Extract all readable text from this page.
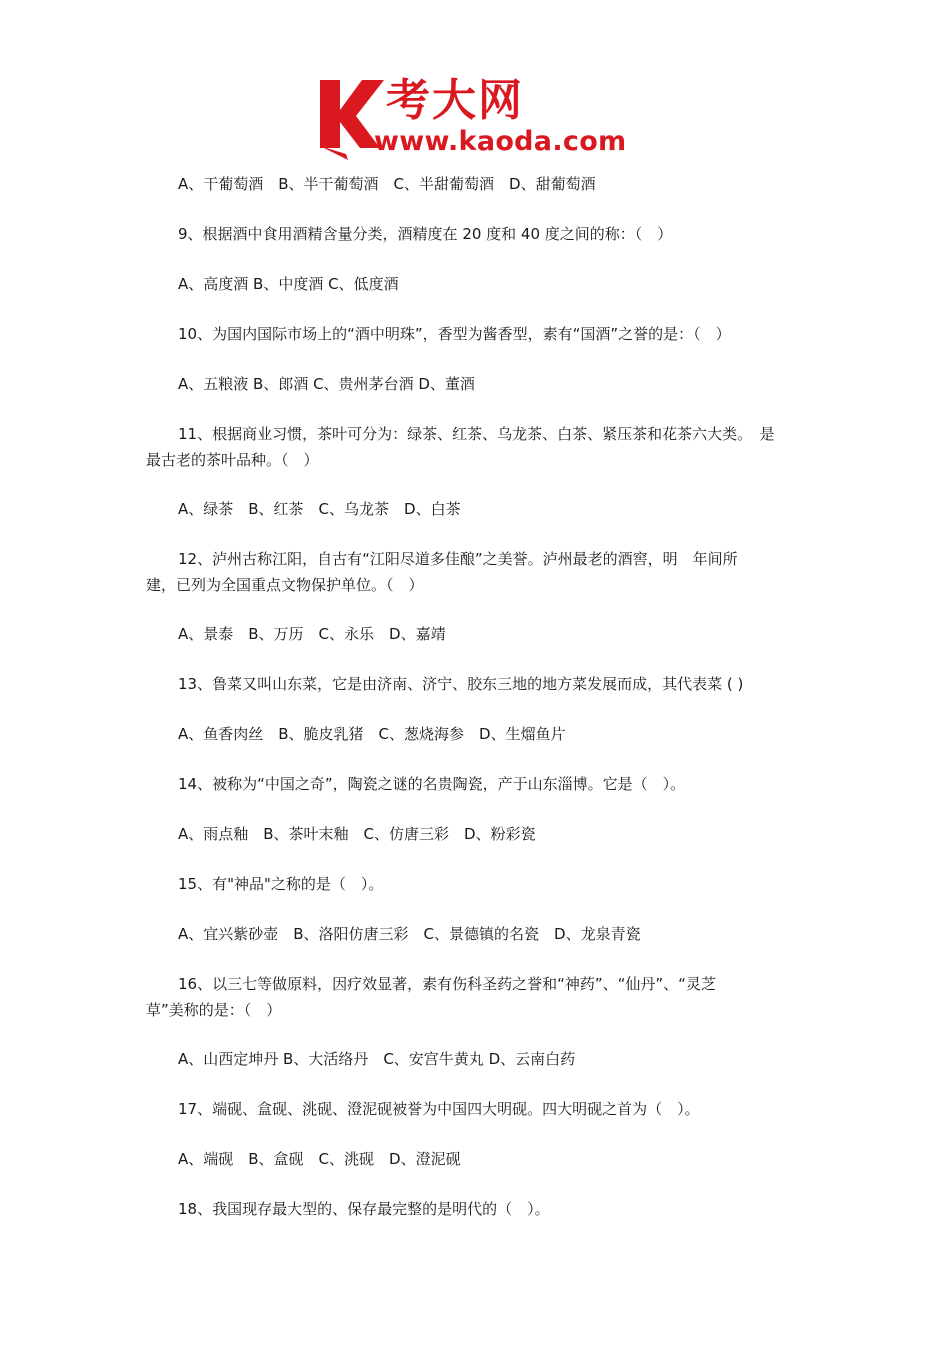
考大网
www.kaoda.com
A、干葡萄酒　B、半干葡萄酒　C、半甜葡萄酒　D、甜葡萄酒
9、根据酒中食用酒精含量分类，酒精度在 20 度和 40 度之间的称：（　）
A、高度酒 B、中度酒 C、低度酒
10、为国内国际市场上的“酒中明珠”，香型为酱香型，素有“国酒”之誉的是：（　）
A、五粮液 B、郎酒 C、贵州茅台酒 D、董酒
11、根据商业习惯，茶叶可分为：绿茶、红茶、乌龙茶、白茶、紧压茶和花茶六大类。　是
最古老的茶叶品种。（　）
A、绿茶　B、红茶　C、乌龙茶　D、白茶
12、泸州古称江阳，自古有“江阳尽道多佳酿”之美誉。泸州最老的酒窖，明　年间所
建，已列为全国重点文物保护单位。（　）
A、景泰　B、万历　C、永乐　D、嘉靖
13、鲁菜又叫山东菜，它是由济南、济宁、胶东三地的地方菜发展而成，其代表菜 ( )
A、鱼香肉丝　B、脆皮乳猪　C、葱烧海参　D、生熘鱼片
14、被称为“中国之奇”，陶瓷之谜的名贵陶瓷，产于山东淄博。它是（　）。
A、雨点釉　B、茶叶末釉　C、仿唐三彩　D、粉彩瓷
15、有"神品"之称的是（　）。
A、宜兴紫砂壶　B、洛阳仿唐三彩　C、景德镇的名瓷　D、龙泉青瓷
16、以三七等做原料，因疗效显著，素有伤科圣药之誉和“神药”、“仙丹”、“灵芝
草”美称的是：（　）
A、山西定坤丹 B、大活络丹　C、安宫牛黄丸 D、云南白药
17、端砚、盒砚、洮砚、澄泥砚被誉为中国四大明砚。四大明砚之首为（　）。
A、端砚　B、盒砚　C、洮砚　D、澄泥砚
18、我国现存最大型的、保存最完整的是明代的（　）。
